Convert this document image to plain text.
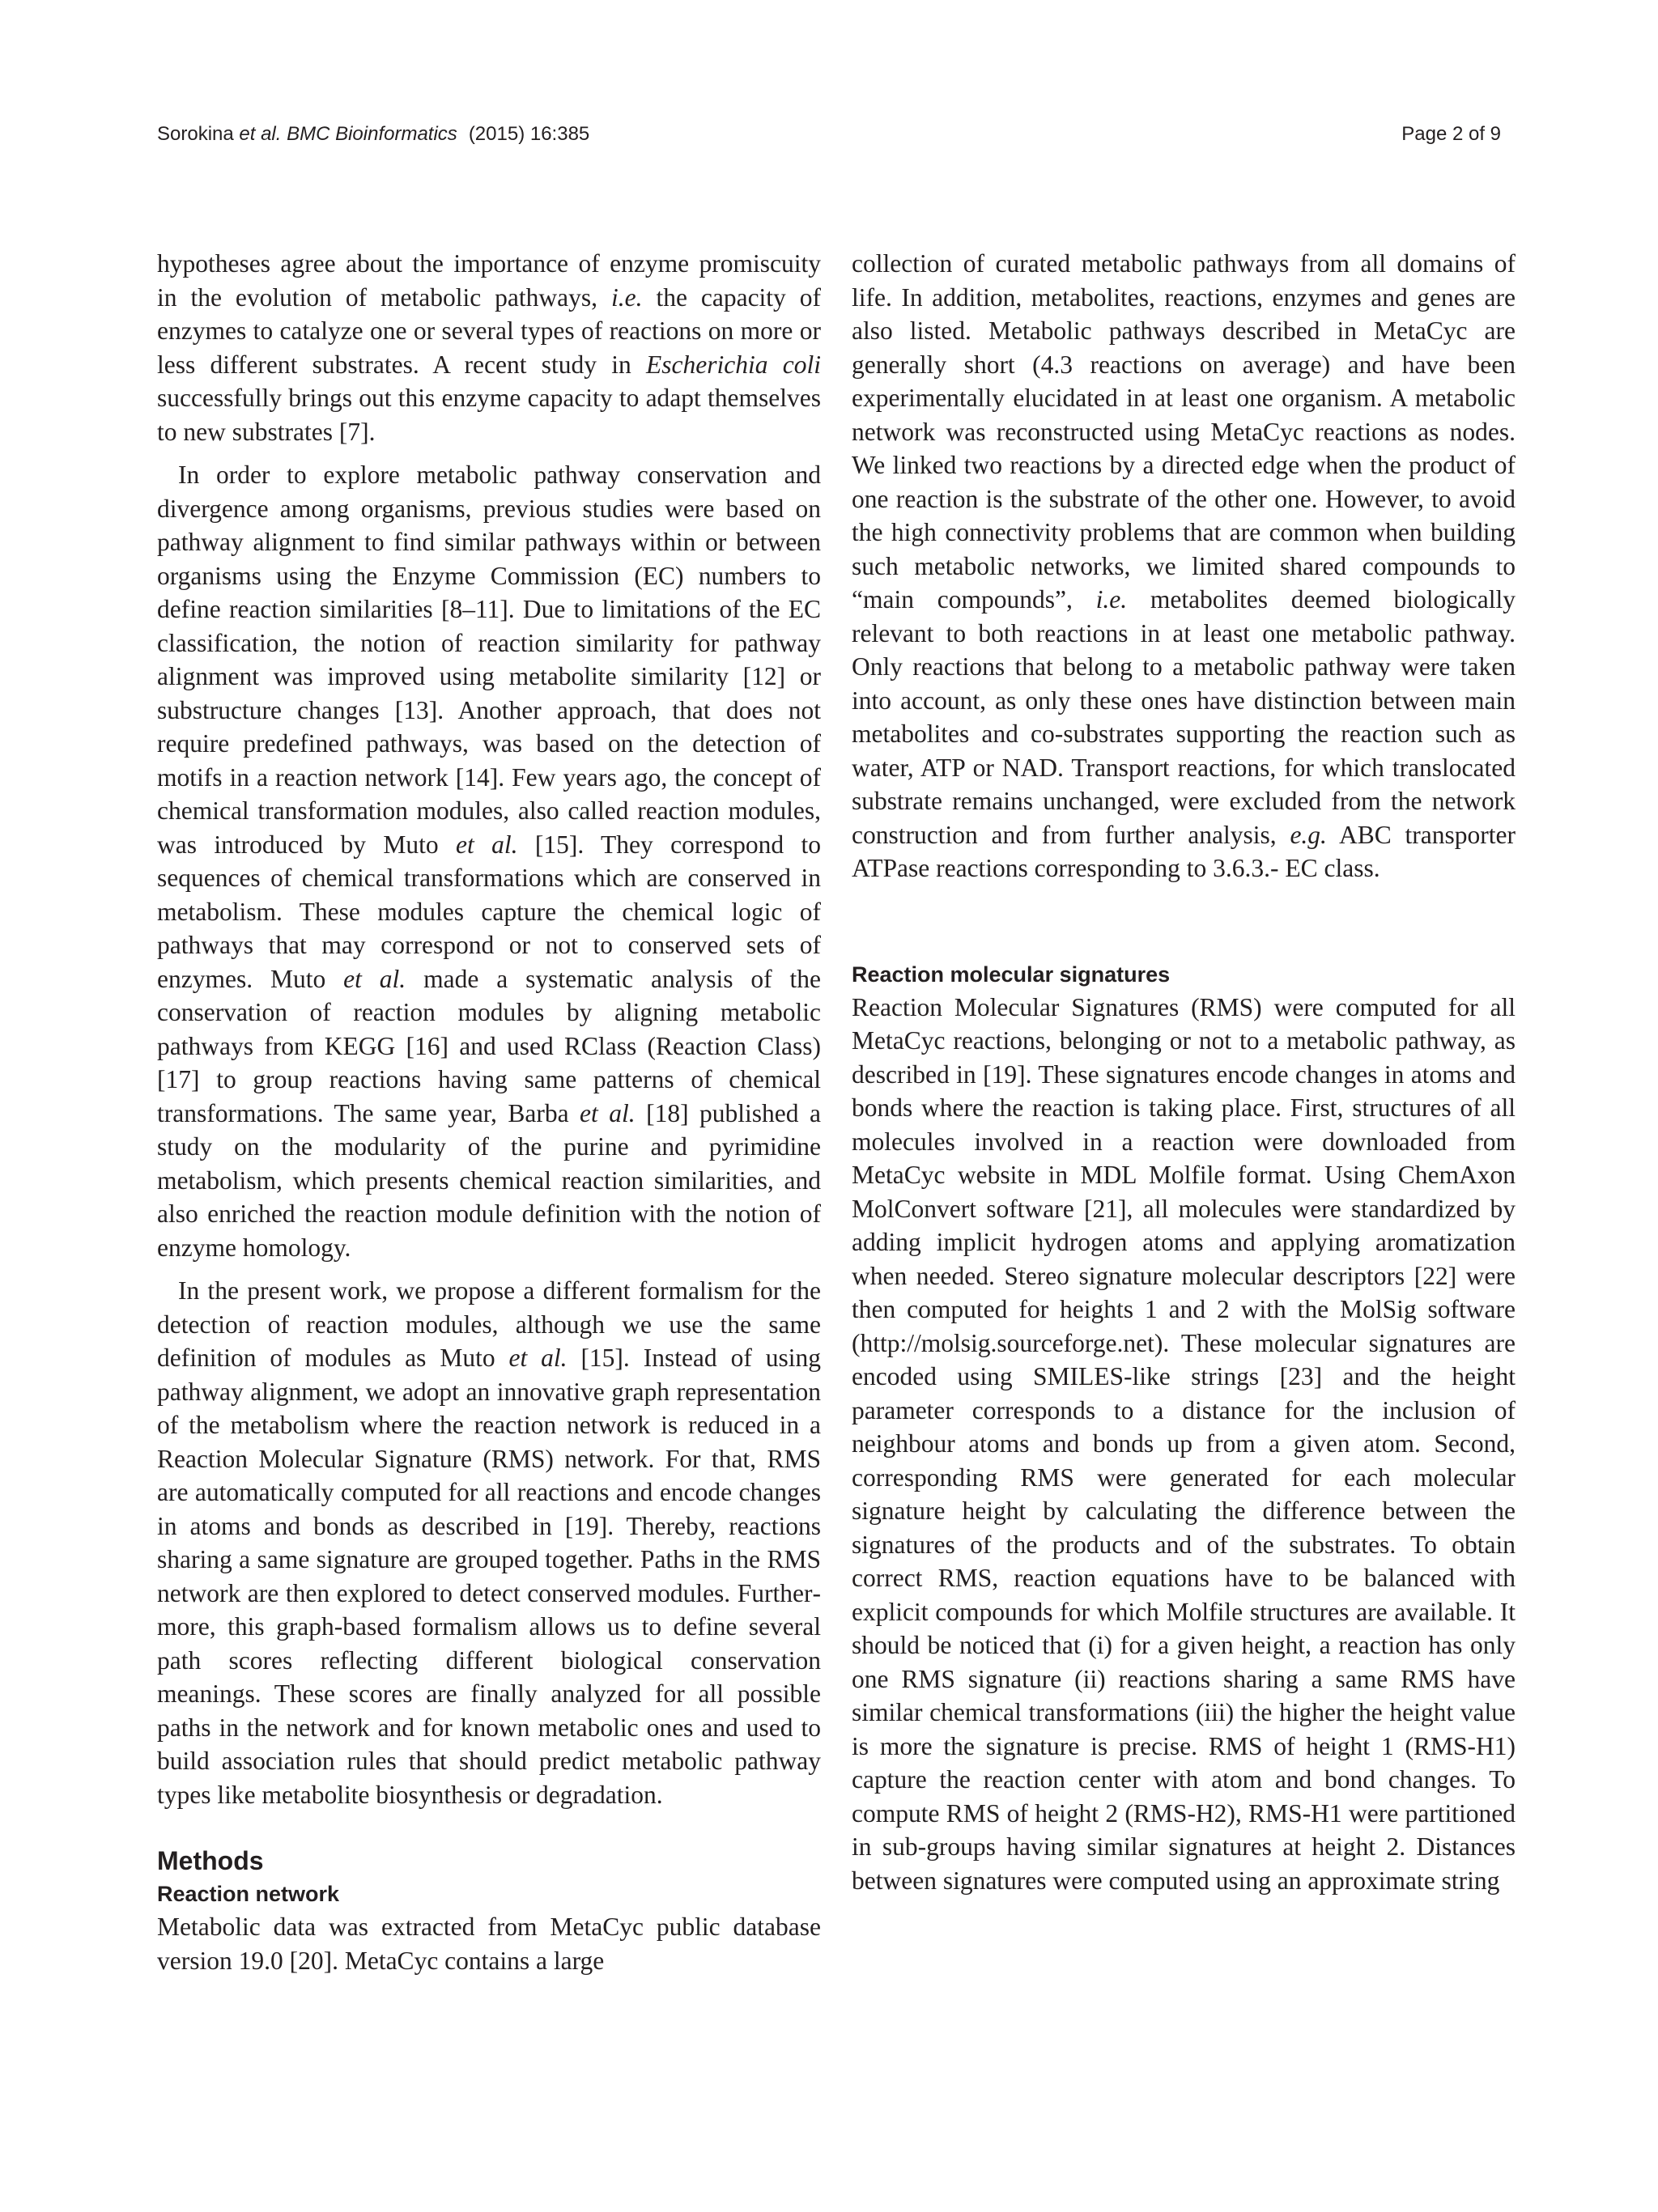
Sorokina et al. BMC Bioinformatics (2015) 16:385	Page 2 of 9

hypotheses agree about the importance of enzyme promiscuity in the evolution of metabolic pathways, i.e. the capacity of enzymes to catalyze one or several types of reactions on more or less different substrates. A recent study in Escherichia coli successfully brings out this enzyme capacity to adapt themselves to new substrates [7].

In order to explore metabolic pathway conservation and divergence among organisms, previous studies were based on pathway alignment to find similar pathways within or between organisms using the Enzyme Commission (EC) numbers to define reaction similarities [8–11]. Due to limitations of the EC classification, the notion of reaction similarity for pathway alignment was improved using metabolite similarity [12] or substructure changes [13]. Another approach, that does not require predefined pathways, was based on the detection of motifs in a reaction network [14]. Few years ago, the concept of chemical transformation modules, also called reaction modules, was introduced by Muto et al. [15]. They correspond to sequences of chemical transformations which are conserved in metabolism. These modules capture the chemical logic of pathways that may correspond or not to conserved sets of enzymes. Muto et al. made a systematic analysis of the conservation of reaction modules by aligning metabolic pathways from KEGG [16] and used RClass (Reaction Class) [17] to group reactions having same patterns of chemical transformations. The same year, Barba et al. [18] published a study on the modularity of the purine and pyrimidine metabolism, which presents chemical reaction similarities, and also enriched the reaction module definition with the notion of enzyme homology.

In the present work, we propose a different formalism for the detection of reaction modules, although we use the same definition of modules as Muto et al. [15]. Instead of using pathway alignment, we adopt an innovative graph representation of the metabolism where the reaction network is reduced in a Reaction Molecular Signature (RMS) network. For that, RMS are automatically computed for all reactions and encode changes in atoms and bonds as described in [19]. Thereby, reactions sharing a same signature are grouped together. Paths in the RMS network are then explored to detect conserved modules. Furthermore, this graph-based formalism allows us to define several path scores reflecting different biological conservation meanings. These scores are finally analyzed for all possible paths in the network and for known metabolic ones and used to build association rules that should predict metabolic pathway types like metabolite biosynthesis or degradation.

Methods
Reaction network

Metabolic data was extracted from MetaCyc public database version 19.0 [20]. MetaCyc contains a large

collection of curated metabolic pathways from all domains of life. In addition, metabolites, reactions, enzymes and genes are also listed. Metabolic pathways described in MetaCyc are generally short (4.3 reactions on average) and have been experimentally elucidated in at least one organism. A metabolic network was reconstructed using MetaCyc reactions as nodes. We linked two reactions by a directed edge when the product of one reaction is the substrate of the other one. However, to avoid the high connectivity problems that are common when building such metabolic networks, we limited shared compounds to “main compounds”, i.e. metabolites deemed biologically relevant to both reactions in at least one metabolic pathway. Only reactions that belong to a metabolic pathway were taken into account, as only these ones have distinction between main metabolites and co-substrates supporting the reaction such as water, ATP or NAD. Transport reactions, for which translocated substrate remains unchanged, were excluded from the network construction and from further analysis, e.g. ABC transporter ATPase reactions corresponding to 3.6.3.- EC class.

Reaction molecular signatures

Reaction Molecular Signatures (RMS) were computed for all MetaCyc reactions, belonging or not to a metabolic pathway, as described in [19]. These signatures encode changes in atoms and bonds where the reaction is taking place. First, structures of all molecules involved in a reaction were downloaded from MetaCyc website in MDL Molfile format. Using ChemAxon MolConvert software [21], all molecules were standardized by adding implicit hydrogen atoms and applying aromatization when needed. Stereo signature molecular descriptors [22] were then computed for heights 1 and 2 with the MolSig software (http://molsig.sourceforge.net). These molecular signatures are encoded using SMILES-like strings [23] and the height parameter corresponds to a distance for the inclusion of neighbour atoms and bonds up from a given atom. Second, corresponding RMS were generated for each molecular signature height by calculating the difference between the signatures of the products and of the substrates. To obtain correct RMS, reaction equations have to be balanced with explicit compounds for which Molfile structures are available. It should be noticed that (i) for a given height, a reaction has only one RMS signature (ii) reactions sharing a same RMS have similar chemical transformations (iii) the higher the height value is more the signature is precise. RMS of height 1 (RMS-H1) capture the reaction center with atom and bond changes. To compute RMS of height 2 (RMS-H2), RMS-H1 were partitioned in sub-groups having similar signatures at height 2. Distances between signatures were computed using an approximate string
